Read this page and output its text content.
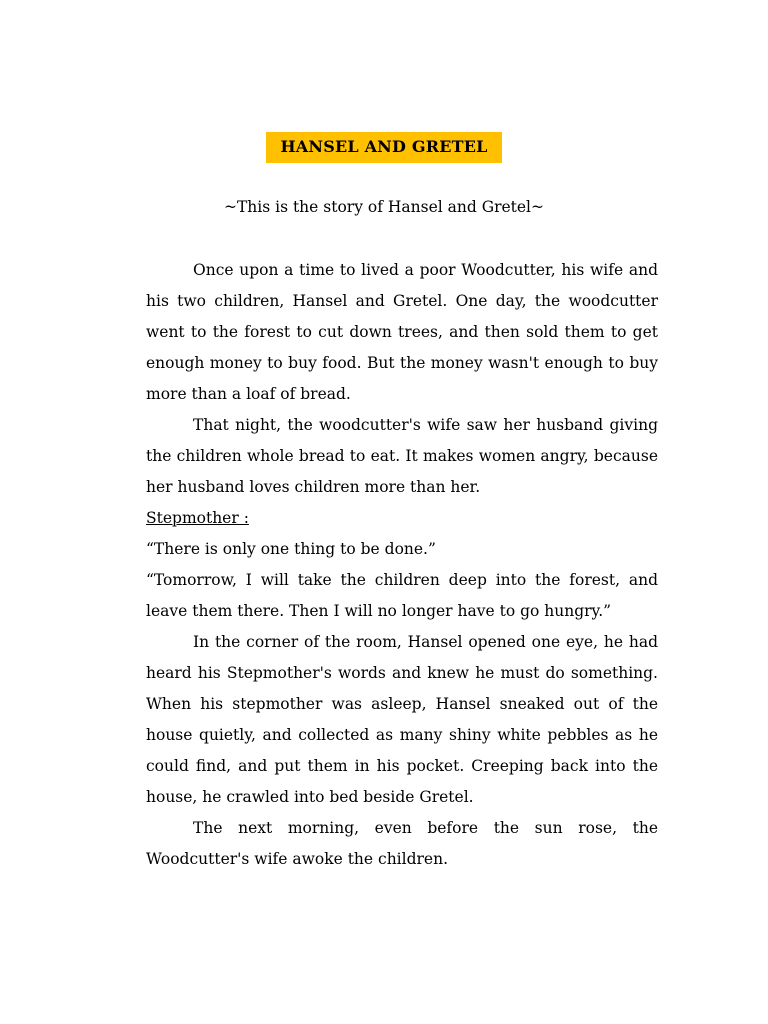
HANSEL AND GRETEL
~This is the story of Hansel and Gretel~

Once upon a time to lived a poor Woodcutter, his wife and his two children, Hansel and Gretel. One day, the woodcutter went to the forest to cut down trees, and then sold them to get enough money to buy food. But the money wasn't enough to buy more than a loaf of bread.

That night, the woodcutter's wife saw her husband giving the children whole bread to eat. It makes women angry, because her husband loves children more than her.

Stepmother :

“There is only one thing to be done.”

“Tomorrow, I will take the children deep into the forest, and leave them there. Then I will no longer have to go hungry.”

In the corner of the room, Hansel opened one eye, he had heard his Stepmother's words and knew he must do something. When his stepmother was asleep, Hansel sneaked out of the house quietly, and collected as many shiny white pebbles as he could find, and put them in his pocket. Creeping back into the house, he crawled into bed beside Gretel.

The next morning, even before the sun rose, the Woodcutter's wife awoke the children.
